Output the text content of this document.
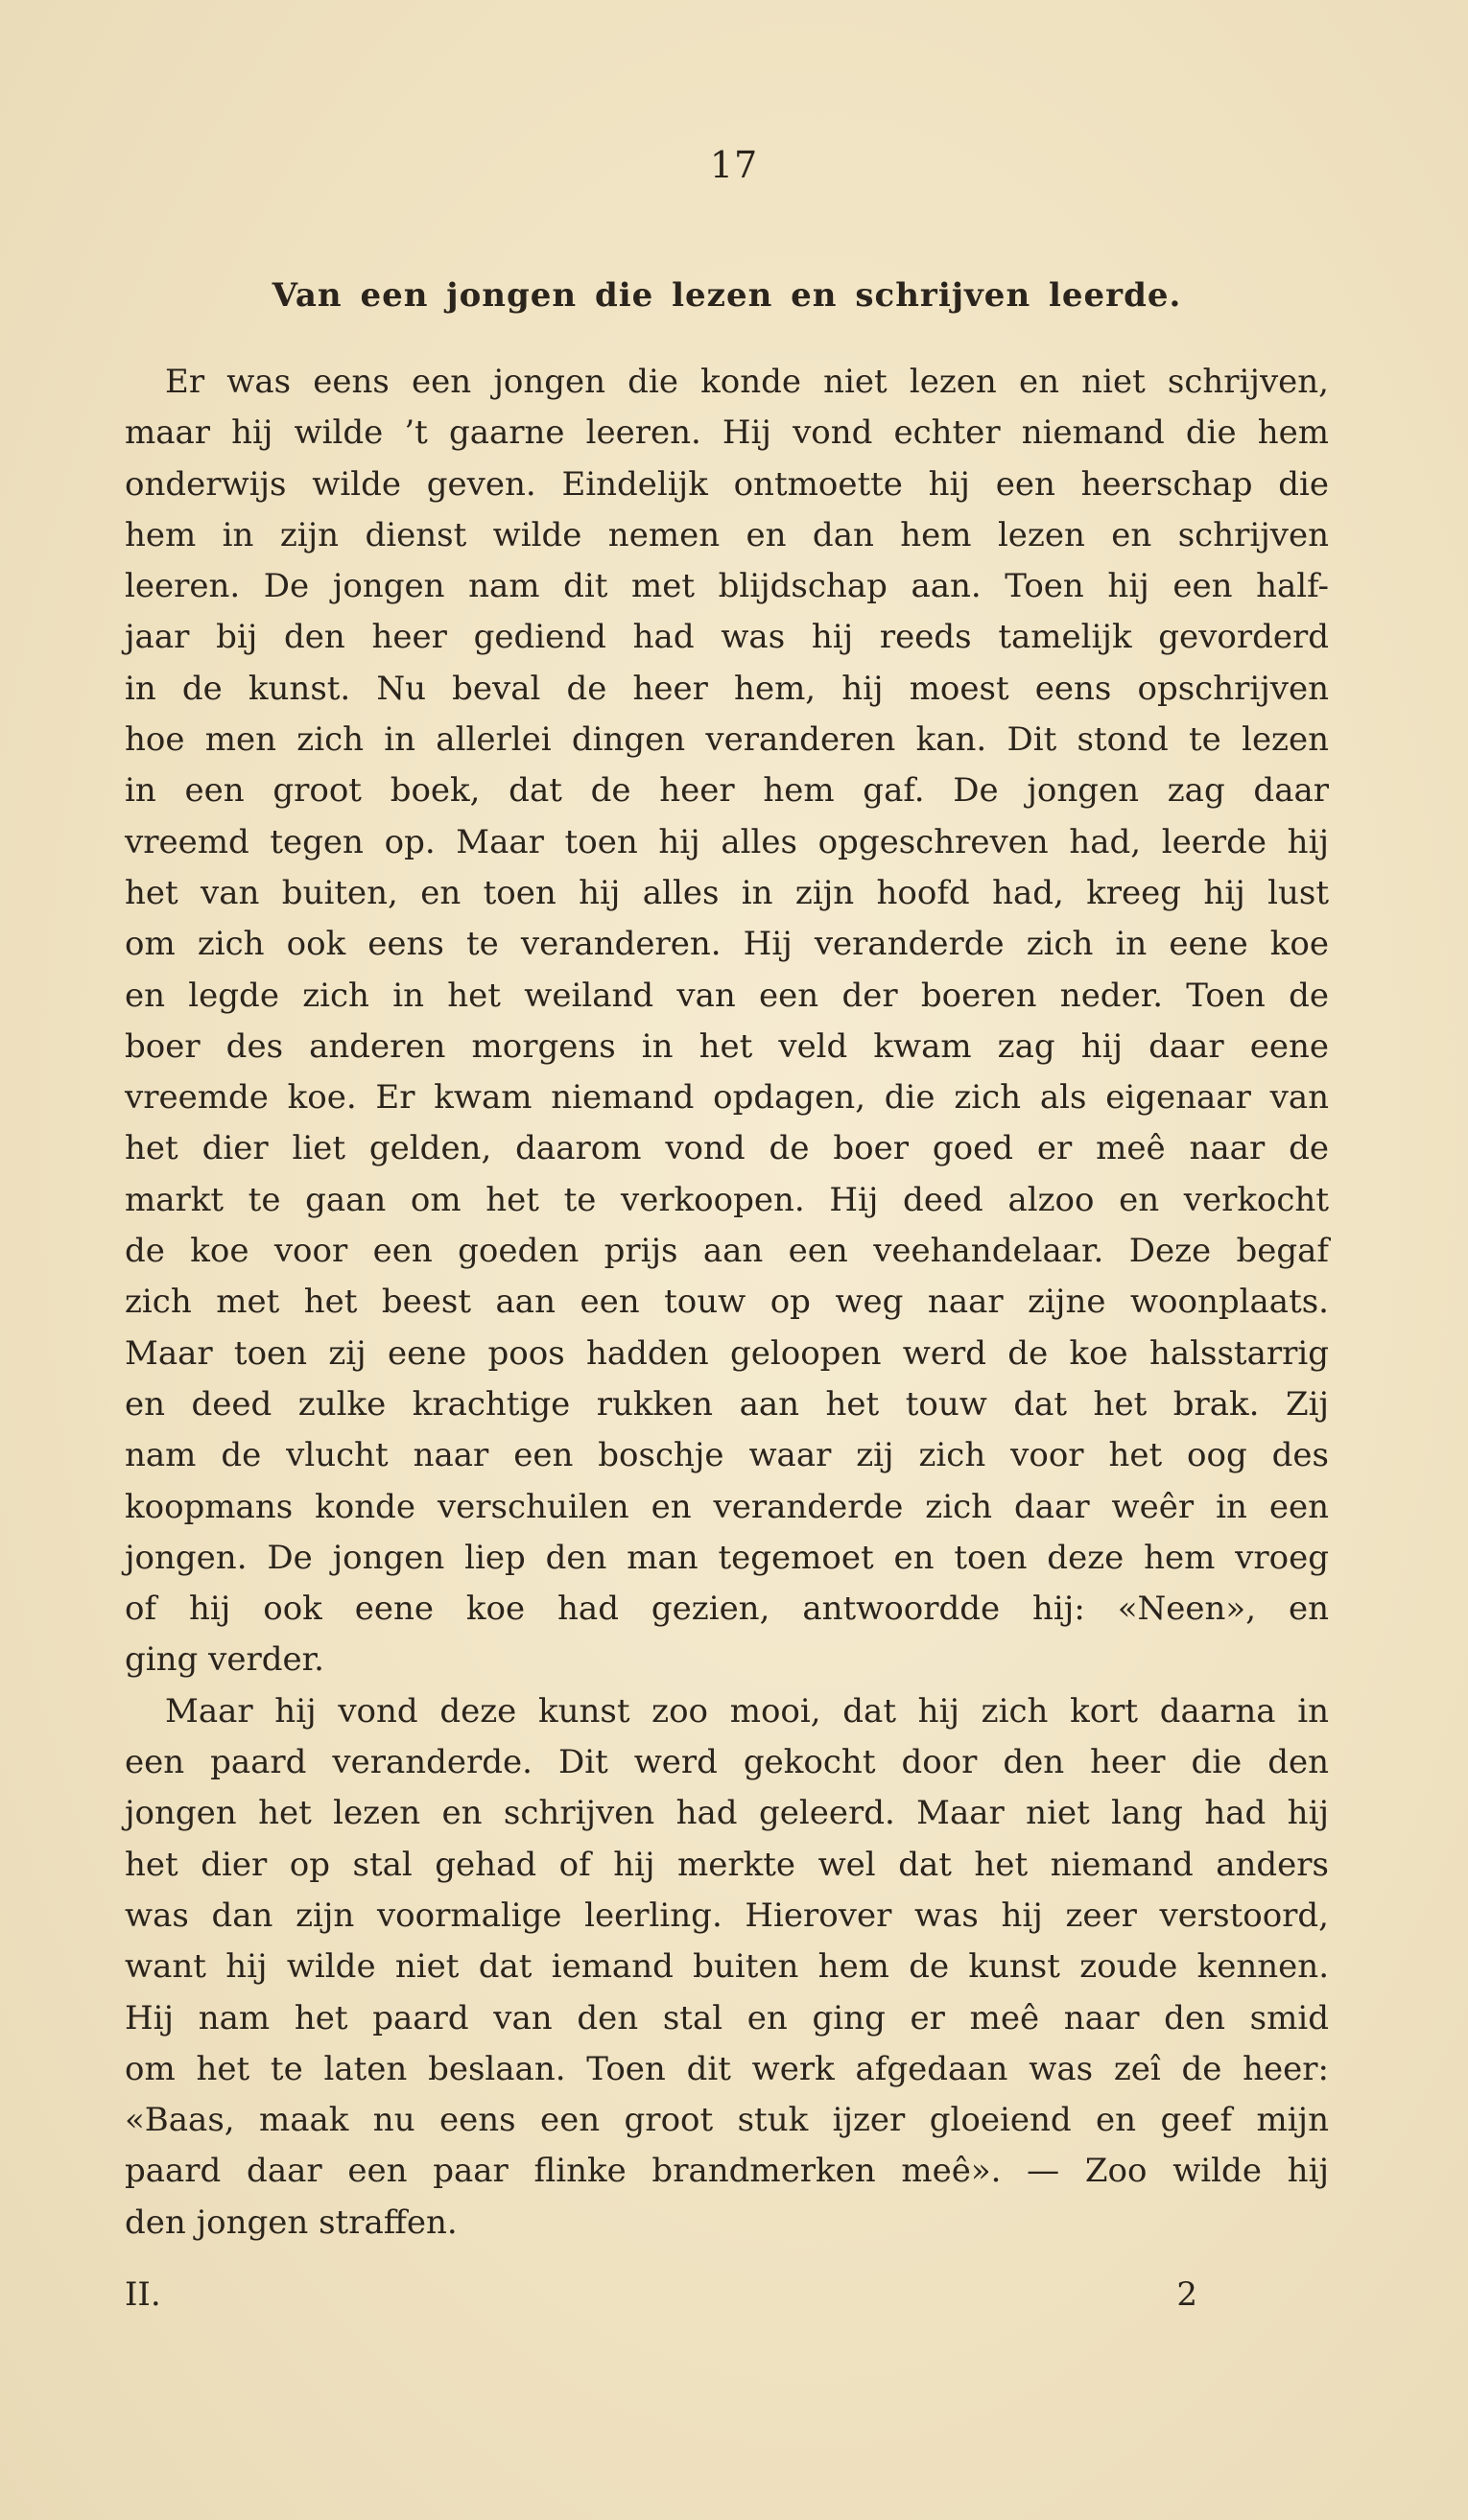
17
Van een jongen die lezen en schrijven leerde.
Er was eens een jongen die konde niet lezen en niet schrijven,
maar hij wilde ’t gaarne leeren. Hij vond echter niemand die hem
onderwijs wilde geven. Eindelijk ontmoette hij een heerschap die
hem in zijn dienst wilde nemen en dan hem lezen en schrijven
leeren. De jongen nam dit met blijdschap aan. Toen hij een half-
jaar bij den heer gediend had was hij reeds tamelijk gevorderd
in de kunst. Nu beval de heer hem, hij moest eens opschrijven
hoe men zich in allerlei dingen veranderen kan. Dit stond te lezen
in een groot boek, dat de heer hem gaf. De jongen zag daar
vreemd tegen op. Maar toen hij alles opgeschreven had, leerde hij
het van buiten, en toen hij alles in zijn hoofd had, kreeg hij lust
om zich ook eens te veranderen. Hij veranderde zich in eene koe
en legde zich in het weiland van een der boeren neder. Toen de
boer des anderen morgens in het veld kwam zag hij daar eene
vreemde koe. Er kwam niemand opdagen, die zich als eigenaar van
het dier liet gelden, daarom vond de boer goed er meê naar de
markt te gaan om het te verkoopen. Hij deed alzoo en verkocht
de koe voor een goeden prijs aan een veehandelaar. Deze begaf
zich met het beest aan een touw op weg naar zijne woonplaats.
Maar toen zij eene poos hadden geloopen werd de koe halsstarrig
en deed zulke krachtige rukken aan het touw dat het brak. Zij
nam de vlucht naar een boschje waar zij zich voor het oog des
koopmans konde verschuilen en veranderde zich daar weêr in een
jongen. De jongen liep den man tegemoet en toen deze hem vroeg
of hij ook eene koe had gezien, antwoordde hij: «Neen», en
ging verder.
Maar hij vond deze kunst zoo mooi, dat hij zich kort daarna in
een paard veranderde. Dit werd gekocht door den heer die den
jongen het lezen en schrijven had geleerd. Maar niet lang had hij
het dier op stal gehad of hij merkte wel dat het niemand anders
was dan zijn voormalige leerling. Hierover was hij zeer verstoord,
want hij wilde niet dat iemand buiten hem de kunst zoude kennen.
Hij nam het paard van den stal en ging er meê naar den smid
om het te laten beslaan. Toen dit werk afgedaan was zeî de heer:
«Baas, maak nu eens een groot stuk ijzer gloeiend en geef mijn
paard daar een paar flinke brandmerken meê». — Zoo wilde hij
den jongen straffen.
II.	2
